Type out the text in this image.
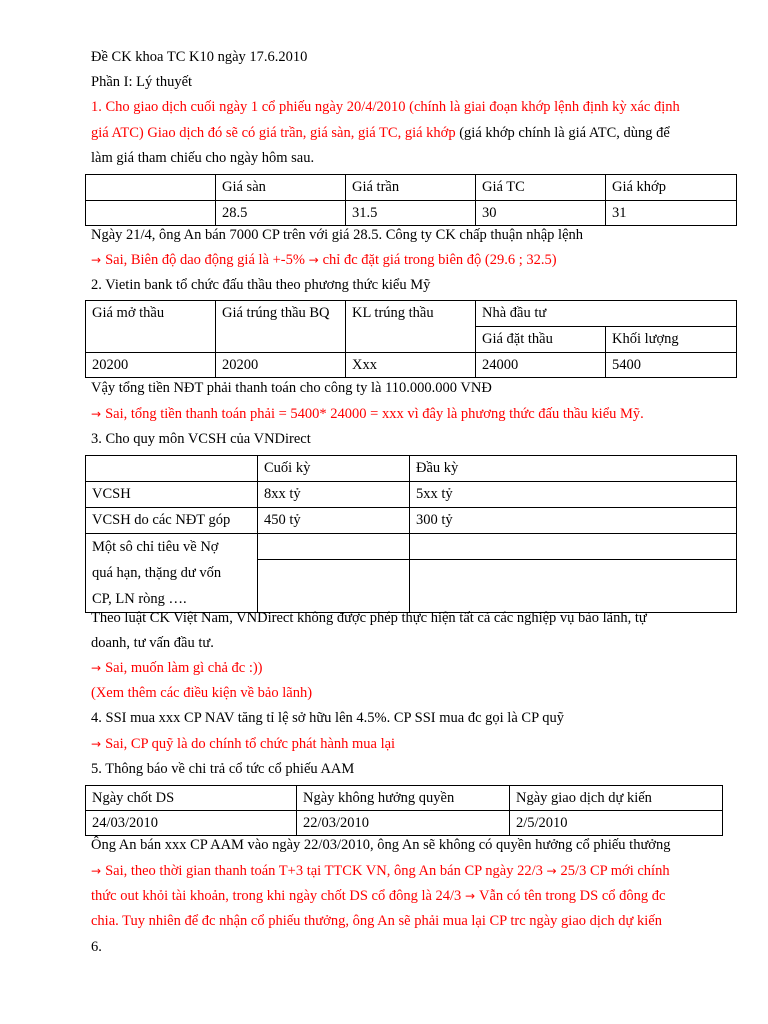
Đề CK khoa TC K10 ngày 17.6.2010
Phần I: Lý thuyết
1. Cho giao dịch cuối ngày 1 cổ phiếu ngày 20/4/2010 (chính là giai đoạn khớp lệnh định kỳ xác định
giá ATC) Giao dịch đó sẽ có giá trần, giá sàn, giá TC, giá khớp (giá khớp chính là giá ATC, dùng để
làm giá tham chiếu cho ngày hôm sau.
	Giá sàn	Giá trần	Giá TC	Giá khớp
	28.5	31.5	30	31
Ngày 21/4, ông An bán 7000 CP trên với giá 28.5. Công ty CK chấp thuận nhập lệnh
→ Sai, Biên độ dao động giá là +-5% → chỉ đc đặt giá trong biên độ (29.6 ; 32.5)
2. Vietin bank tổ chức đấu thầu theo phương thức kiểu Mỹ
Giá mở thầu	Giá trúng thầu BQ	KL trúng thầu	Nhà đầu tư	
			Giá đặt thầu	Khối lượng
20200	20200	Xxx	24000	5400
Vậy tổng tiền NĐT phải thanh toán cho công ty là 110.000.000 VNĐ
→ Sai, tổng tiền thanh toán phải = 5400* 24000 = xxx vì đây là phương thức đấu thầu kiểu Mỹ.
3. Cho quy môn VCSH của VNDirect
	Cuối kỳ	Đầu kỳ
VCSH	8xx tỷ	5xx tỷ
VCSH do các NĐT góp	450 tỷ	300 tỷ
Một sô chỉ tiêu về Nợ
quá hạn, thặng dư vốn
CP, LN ròng ….		

Theo luật CK Việt Nam, VNDirect không được phép thực hiện tất cả các nghiệp vụ bảo lãnh, tự
doanh, tư vấn đầu tư.
→ Sai, muốn làm gì chả đc :))
(Xem thêm các điều kiện về bảo lãnh)
4. SSI mua xxx CP NAV tăng tỉ lệ sở hữu lên 4.5%. CP SSI mua đc gọi là CP quỹ
→ Sai, CP quỹ là do chính tổ chức phát hành mua lại
5. Thông báo về chi trả cổ tức cổ phiếu AAM
Ngày chốt DS	Ngày không hưởng quyền	Ngày giao dịch dự kiến
24/03/2010	22/03/2010	2/5/2010
Ông An bán xxx CP AAM vào ngày 22/03/2010, ông An sẽ không có quyền hưởng cổ phiếu thưởng
→ Sai, theo thời gian thanh toán T+3 tại TTCK VN, ông An bán CP ngày 22/3 → 25/3 CP mới chính
thức out khỏi tài khoản, trong khi ngày chốt DS cổ đông là 24/3 → Vẫn có tên trong DS cổ đông đc
chia. Tuy nhiên để đc nhận cổ phiếu thưởng, ông An sẽ phải mua lại CP trc ngày giao dịch dự kiến
6.
